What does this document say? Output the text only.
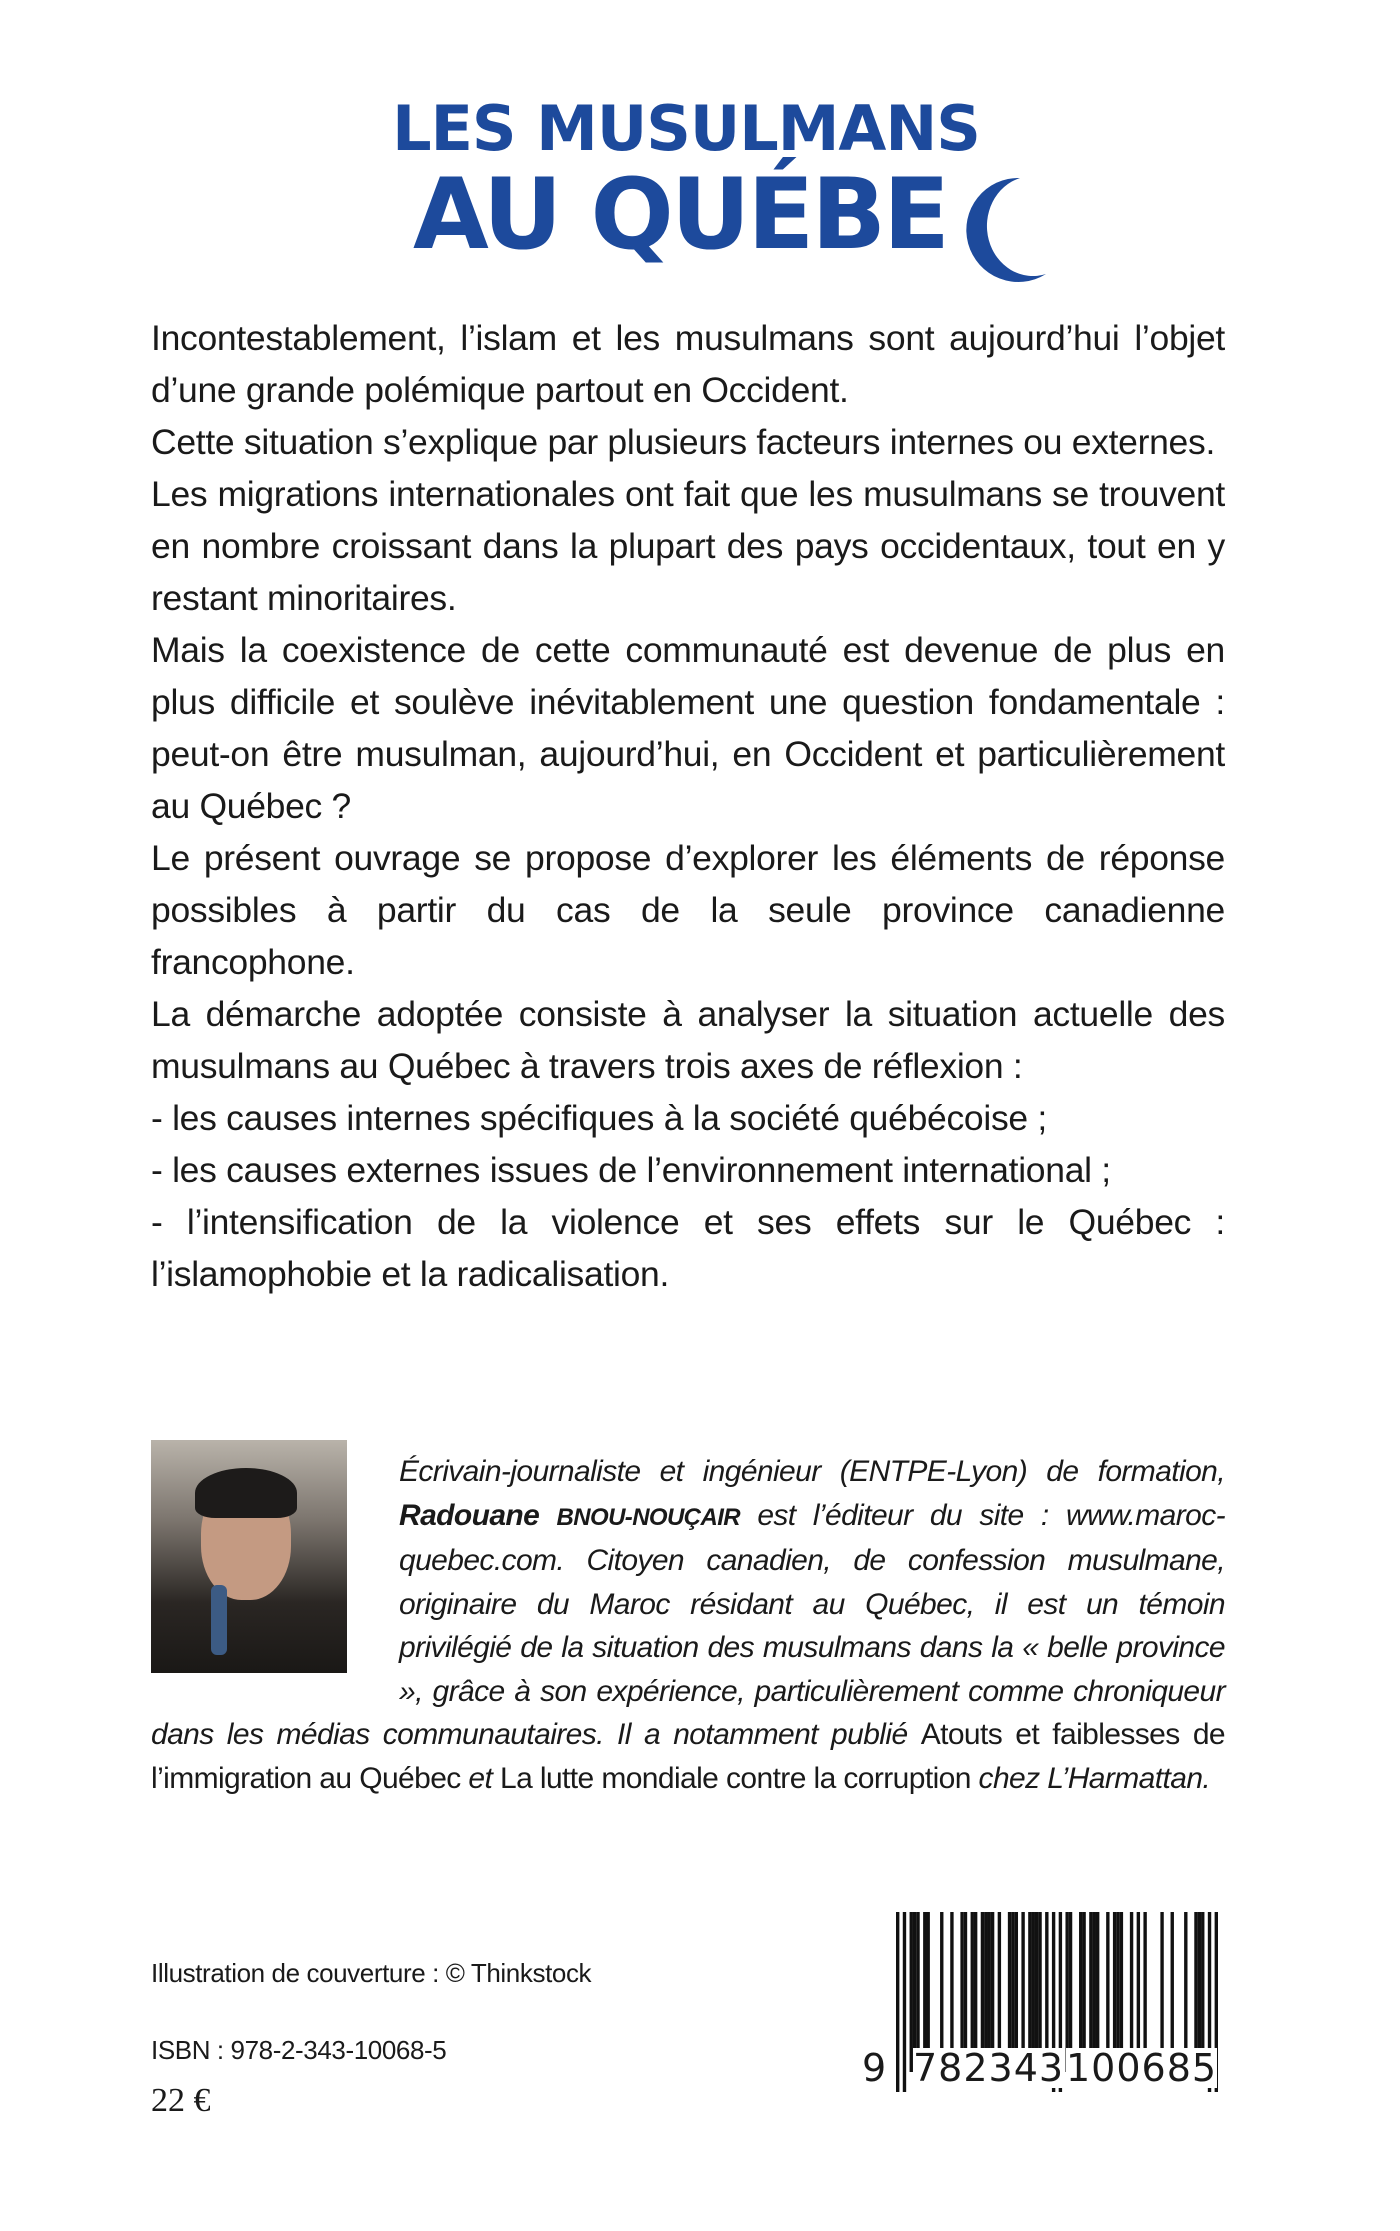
LES MUSULMANS
AU QUÉBE

Incontestablement, l’islam et les musulmans sont aujourd’hui l’objet d’une grande polémique partout en Occident.

Cette situation s’explique par plusieurs facteurs internes ou externes.

Les migrations internationales ont fait que les musulmans se trouvent en nombre croissant dans la plupart des pays occidentaux, tout en y restant minoritaires.

Mais la coexistence de cette communauté est devenue de plus en plus difficile et soulève inévitablement une question fondamentale : peut-on être musulman, aujourd’hui, en Occident et particulièrement au Québec ?

Le présent ouvrage se propose d’explorer les éléments de réponse possibles à partir du cas de la seule province canadienne francophone.

La démarche adoptée consiste à analyser la situation actuelle des musulmans au Québec à travers trois axes de réflexion :

- les causes internes spécifiques à la société québécoise ;

- les causes externes issues de l’environnement international ;

- l’intensification de la violence et ses effets sur le Québec : l’islamophobie et la radicalisation.

Écrivain-journaliste et ingénieur (ENTPE-Lyon) de formation, Radouane BNOU-NOUÇAIR est l’éditeur du site : www.maroc-quebec.com. Citoyen canadien, de confession musulmane, originaire du Maroc résidant au Québec, il est un témoin privilégié de la situation des musulmans dans la « belle province », grâce à son expérience, particulièrement comme chroniqueur dans les médias communautaires. Il a notamment publié Atouts et faiblesses de l’immigration au Québec et La lutte mondiale contre la corruption chez L’Harmattan.

Illustration de couverture : © Thinkstock
ISBN : 978-2-343-10068-5
22 €
9 782343 100685
